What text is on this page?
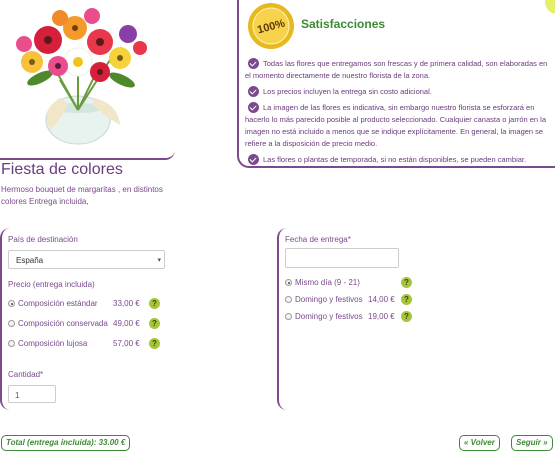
Fiesta de colores
Hermoso bouquet de margaritas , en distintos colores Entrega incluida,
100% Satisfacciones
Todas las flores que entregamos son frescas y de primera calidad, son elaboradas en el momento directamente de nuestro florista de la zona.
Los precios incluyen la entrega sin costo adicional.
La imagen de las flores es indicativa, sin embargo nuestro florista se esforzará en hacerlo lo más parecido posible al producto seleccionado. Cualquier canasta o jarrón en la imagen no está incluido a menos que se indique explícitamente. En general, la imagen se refiere a la disposición de precio medio.
Las flores o plantas de temporada, si no están disponibles, se pueden cambiar.
País de destinación
España	▾
Precio (entrega incluida)
Composición estándar 33,00 €	?
Composición conservada 49,00 €	?
Composición lujosa	57,00 €	?
Cantidad*
1
Fecha de entrega*
Mismo día (9 - 21)	?
Domingo y festivos 14,00 €	?
Domingo y festivos 19,00 €	?
Total (entrega incluida): 33.00 €	« Volver	Seguir »
